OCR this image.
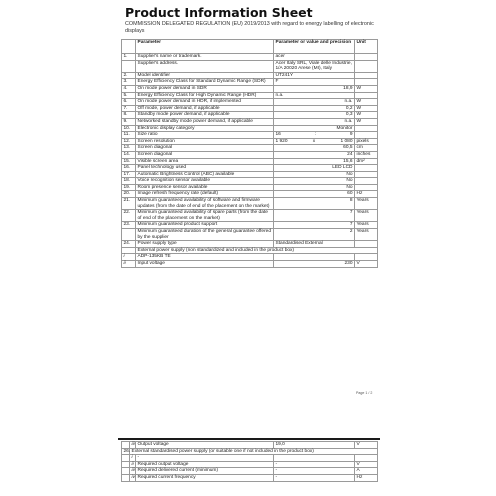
Product Information Sheet
COMMISSION DELEGATED REGULATION (EU) 2019/2013 with regard to energy labelling of electronic displays
	Parameter	Parameter or value and precision	Unit
1.	Supplier's name or trademark.	acer	
	Supplier's address.	Acer Italy SRL, Viale delle Industrie, 1/A 20020 Arese (MI), Italy	
2.	Model identifier	UT241Y	
3.	Energy Efficiency Class for Standard Dynamic Range (SDR)	F	
4.	On mode power demand in SDR	18,9	W
5.	Energy Efficiency Class for High Dynamic Range (HDR)	n.a.	
6.	On mode power demand in HDR, if implemented	n.a.	W
7.	Off mode, power demand, if applicable	0,2	W
8.	Standby mode power demand, if applicable	0,3	W
9.	Networked standby mode power demand, if applicable	n.a.	W
10.	Electronic display category	Monitor	
11.	Size ratio	16 : 9	

12.	Screen resolution	1 920 x 1 080	pixels
13.	Screen diagonal	60,5	cm
14.	Screen diagonal	24	inches
15.	Visible screen area	15,6	dm²
16.	Panel technology used	LED LCD	
17.	Automatic Brightness Control (ABC) available	No	
18.	Voice recognition sensor available	No	
19.	Room presence sensor available	No	
20.	Image refresh frequency rate (default)	60	Hz
21.	Minimum guaranteed availability of software and firmware updates (from the date of end of the placement on the market)	8	Years
22.	Minimum guaranteed availability of spare parts (from the date of end of the placement on the market)	7	Years
23.	Minimum guaranteed product support	7	Years
	Minimum guaranteed duration of the general guarantee offered by the supplier	2	Years
24.	Power supply type	Standardised External	
	External power supply (non standardized and included in the product box)		
i	ADP-135KB TE		
ii	Input voltage	230	V
Page 1 / 2
	iii	Output voltage	19,0	V
26.	External standardised power supply (or suitable one if not included in the product box)			
	i	-		
	ii	Required output voltage	-	V
	iii	Required delivered current (minimum)	-	A
	iv	Required current frequency	-	Hz
